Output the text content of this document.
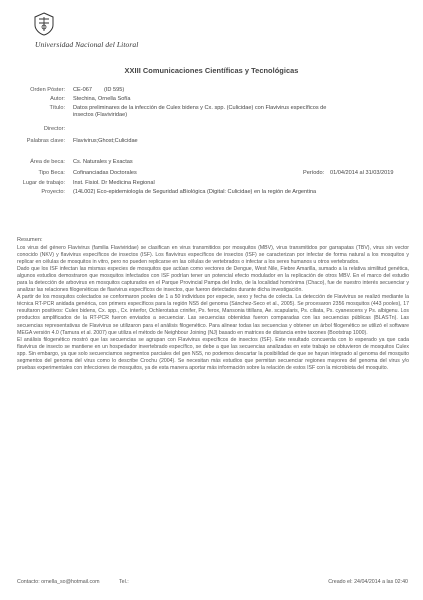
Universidad Nacional del Litoral
XXIII Comunicaciones Científicas y Tecnológicas
Orden Póster: CE-067 (ID 595)
Autor: Stechina, Ornella Sofía
Título: Datos preliminares de la infección de Culex bidens y Cx. spp. (Culicidae) con Flavivirus específicos de insectos (Flaviviridae)
Director:
Palabras clave: Flavivirus;Ghost;Culicidae
Área de beca: Cs. Naturales y Exactas
Tipo Beca: Cofinanciadas Doctorales	Período: 01/04/2014 al 31/03/2019
Lugar de trabajo: Inst. Fisiol. Dr Medicina Regional
Proyecto: (14L002) Eco-epidemiología de Seguridad aBiológica (Digital: Culicidae) en la región de Argentina
Resumen:

Los virus del género Flavivirus (familia Flaviviridae) se clasifican en virus transmitidos por mosquitos (MBV), virus transmitidos por garrapatas (TBV), virus sin vector conocido (NKV) y flavivirus específicos de insectos (ISF). Los flavivirus específicos de insectos (ISF) se caracterizan por infectar de forma natural a los mosquitos y replicar en células de mosquitos in vitro, pero no pueden replicarse en las células de vertebrados o infectar a los seres humanos u otros vertebrados.

Dado que los ISF infectan las mismas especies de mosquitos que actúan como vectores de Dengue, West Nile, Fiebre Amarilla, sumado a la relativa similitud genética, algunos estudios demostraron que mosquitos infectados con ISF podrían tener un potencial efecto modulador en la replicación de otros MBV. En el marco del estudio para la detección de arbovirus en mosquitos capturados en el Parque Provincial Pampa del Indio, de la localidad homónima (Chaco), fue de nuestro interés secuenciar y analizar las relaciones filogenéticas de flavivirus específicos de insectos, que fueron detectados durante dicha investigación.

A partir de los mosquitos colectados se conformaron pooles de 1 a 50 individuos por especie, sexo y fecha de colecta. La detección de Flavivirus se realizó mediante la técnica RT-PCR anidada genérica, con primers específicos para la región NS5 del genoma (Sánchez-Seco et al., 2005). Se procesaron 2356 mosquitos (443 pooles), 17 resultaron positivos: Culex bidens, Cx. spp., Cx. interfor, Ochlerotatus crinifer, Ps. ferox, Mansonia titillans, Ae. scapularis, Ps. ciliata, Ps. cyanescens y Ps. albigenu. Los productos amplificados de la RT-PCR fueron enviados a secuenciar. Las secuencias obtenidas fueron comparadas con las secuencias públicas (BLASTn). Las secuencias representativas de Flavivirus se utilizaron para el análisis filogenético. Para alinear todas las secuencias y obtener un árbol filogenético se utilizó el software MEGA versión 4.0 (Tamura et al. 2007) que utiliza el método de Neighbour Joining (NJ) basado en matrices de distancia entre taxones (Bootstrap 1000).

El análisis filogenético mostró que las secuencias se agrupan con Flavivirus específicos de insectos (ISF). Este resultado concuerda con lo esperado ya que cada flavivirus de insecto se mantiene en un hospedador invertebrado específico, se debe a que las secuencias analizadas en este trabajo se obtuvieron de mosquitos Culex spp. Sin embargo, ya que solo secuenciamos segmentos parciales del gen NS5, no podemos descartar la posibilidad de que se hayan integrado al genoma del mosquito segmentos del genoma del virus como lo describe Crochu (2004). Se necesitan más estudios que permitan secuenciar regiones mayores del genoma del virus y/o pruebas experimentales con infecciones de mosquitos, ya de esta manera aportar más información sobre la relación de estos ISF con la microbiota del mosquito.

Contacto: ornella_so@hotmail.com	Tel.:	Creado el: 24/04/2014 a las 02:40
